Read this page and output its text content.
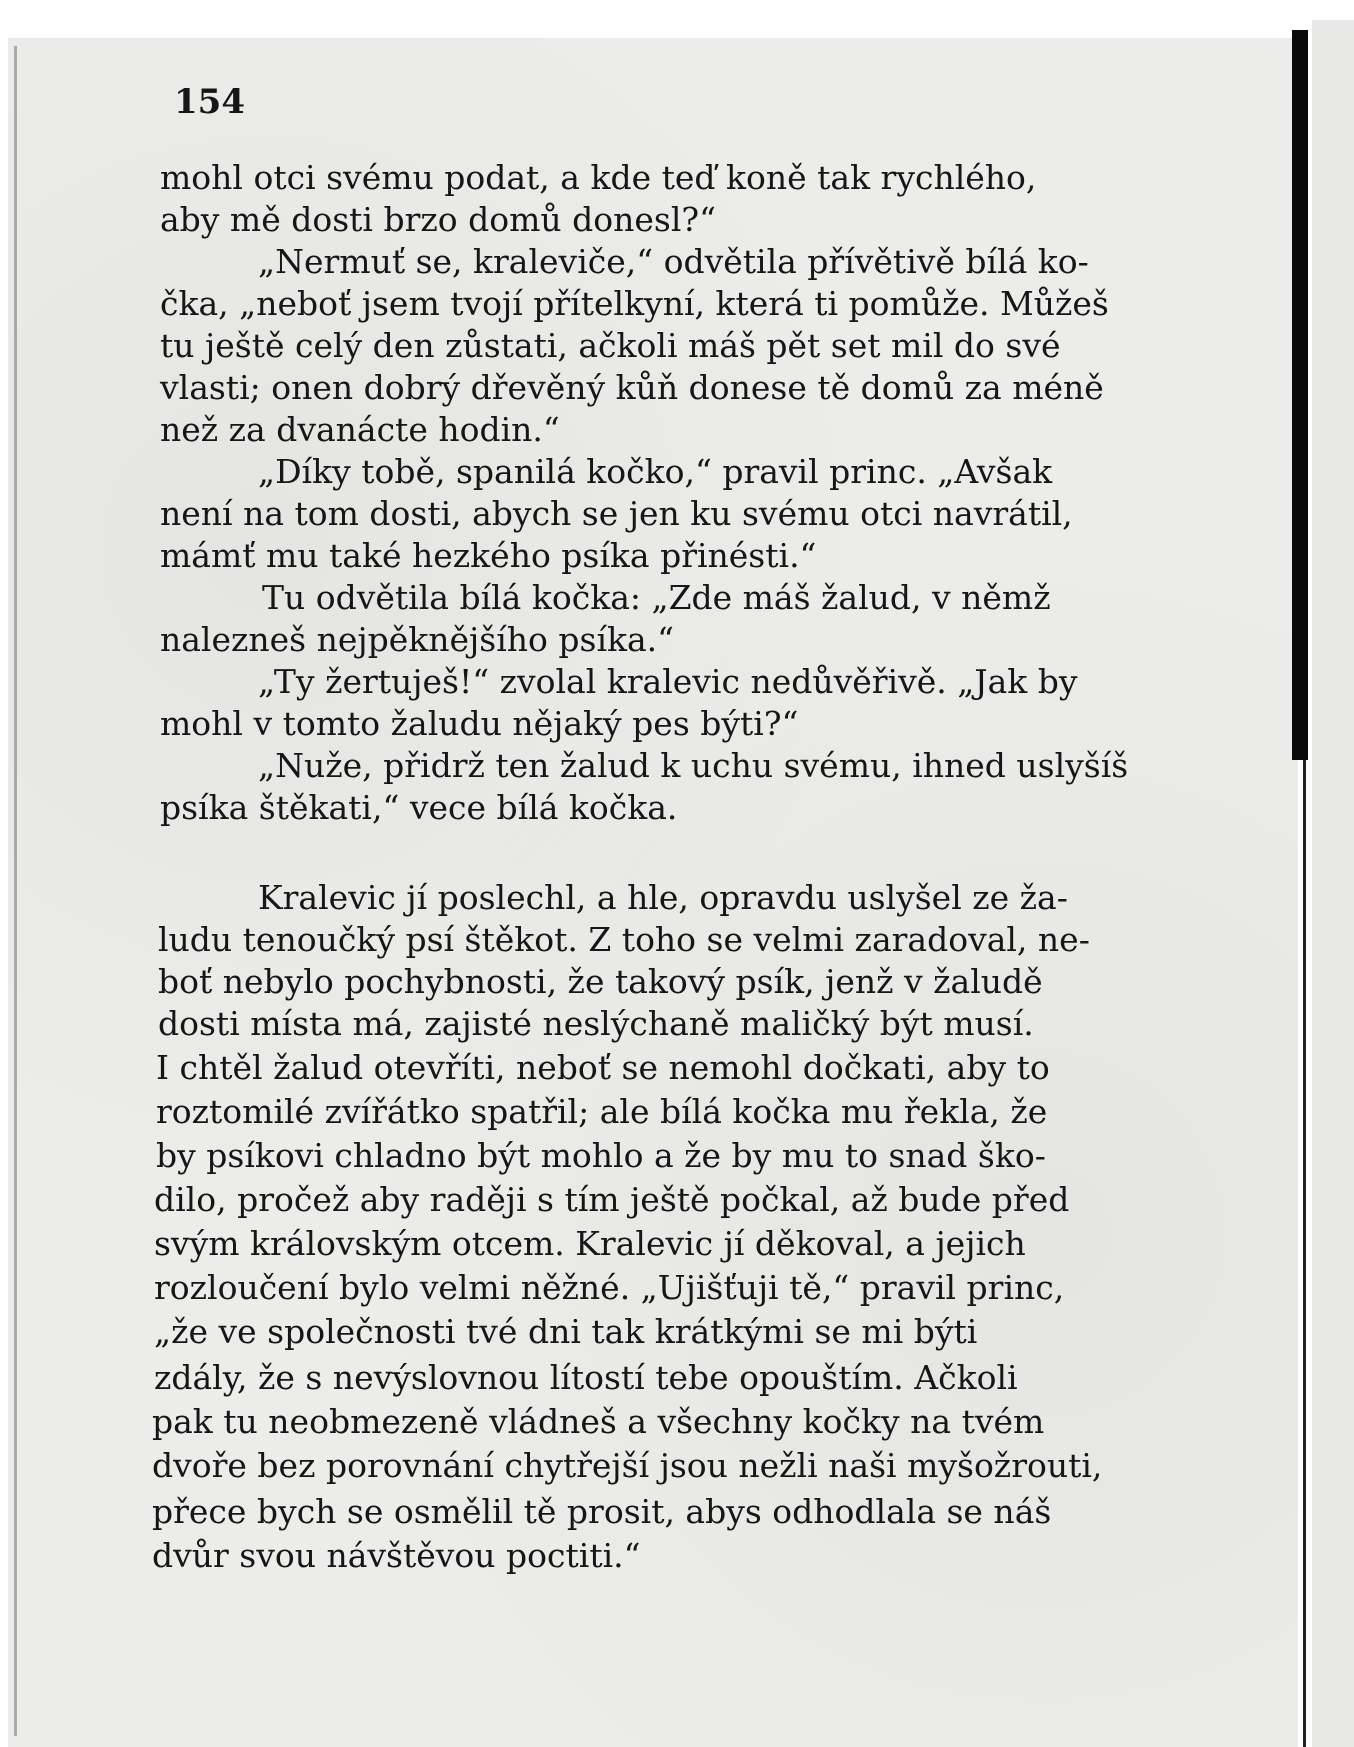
154

mohl otci svému podat, a kde teď koně tak rychlého,

aby mě dosti brzo domů donesl?“

„Nermuť se, kraleviče,“ odvětila přívětivě bílá ko-

čka, „neboť jsem tvojí přítelkyní, která ti pomůže. Můžeš

tu ještě celý den zůstati, ačkoli máš pět set mil do své

vlasti; onen dobrý dřevěný kůň donese tě domů za méně

než za dvanácte hodin.“

„Díky tobě, spanilá kočko,“ pravil princ. „Avšak

není na tom dosti, abych se jen ku svému otci navrátil,

mámť mu také hezkého psíka přinésti.“

Tu odvětila bílá kočka: „Zde máš žalud, v němž

nalezneš nejpěknějšího psíka.“

„Ty žertuješ!“ zvolal kralevic nedůvěřivě. „Jak by

mohl v tomto žaludu nějaký pes býti?“

„Nuže, přidrž ten žalud k uchu svému, ihned uslyšíš

psíka štěkati,“ vece bílá kočka.

Kralevic jí poslechl, a hle, opravdu uslyšel ze ža-

ludu tenoučký psí štěkot. Z toho se velmi zaradoval, ne-

boť nebylo pochybnosti, že takový psík, jenž v žaludě

dosti místa má, zajisté neslýchaně maličký být musí.

I chtěl žalud otevříti, neboť se nemohl dočkati, aby to

roztomilé zvířátko spatřil; ale bílá kočka mu řekla, že

by psíkovi chladno být mohlo a že by mu to snad ško-

dilo, pročež aby raději s tím ještě počkal, až bude před

svým královským otcem. Kralevic jí děkoval, a jejich

rozloučení bylo velmi něžné. „Ujišťuji tě,“ pravil princ,

„že ve společnosti tvé dni tak krátkými se mi býti

zdály, že s nevýslovnou lítostí tebe opouštím. Ačkoli

pak tu neobmezeně vládneš a všechny kočky na tvém

dvoře bez porovnání chytřejší jsou nežli naši myšožrouti,

přece bych se osmělil tě prosit, abys odhodlala se náš

dvůr svou návštěvou poctiti.“
